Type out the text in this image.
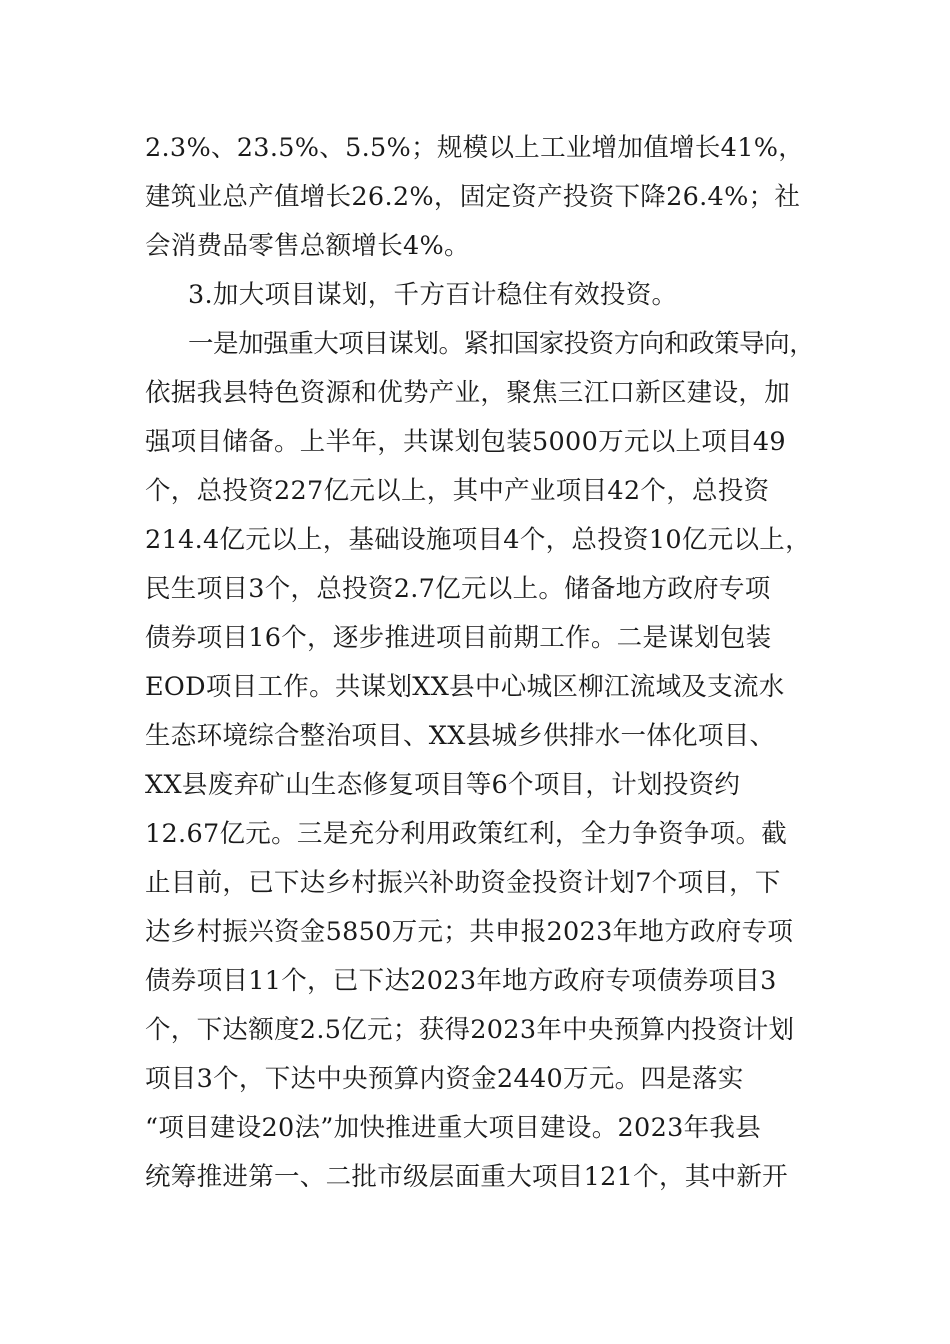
2.3%、23.5%、5.5%；规模以上工业增加值增长41%，
建筑业总产值增长26.2%，固定资产投资下降26.4%；社
会消费品零售总额增长4%。
3.加大项目谋划，千方百计稳住有效投资。
一是加强重大项目谋划。紧扣国家投资方向和政策导向，
依据我县特色资源和优势产业，聚焦三江口新区建设，加
强项目储备。上半年，共谋划包装5000万元以上项目49
个，总投资227亿元以上，其中产业项目42个，总投资
214.4亿元以上，基础设施项目4个，总投资10亿元以上，
民生项目3个，总投资2.7亿元以上。储备地方政府专项
债券项目16个，逐步推进项目前期工作。二是谋划包装
EOD项目工作。共谋划XX县中心城区柳江流域及支流水
生态环境综合整治项目、XX县城乡供排水一体化项目、
XX县废弃矿山生态修复项目等6个项目，计划投资约
12.67亿元。三是充分利用政策红利，全力争资争项。截
止目前，已下达乡村振兴补助资金投资计划7个项目，下
达乡村振兴资金5850万元；共申报2023年地方政府专项
债券项目11个，已下达2023年地方政府专项债券项目3
个，下达额度2.5亿元；获得2023年中央预算内投资计划
项目3个，下达中央预算内资金2440万元。四是落实
“项目建设20法”加快推进重大项目建设。2023年我县
统筹推进第一、二批市级层面重大项目121个，其中新开
